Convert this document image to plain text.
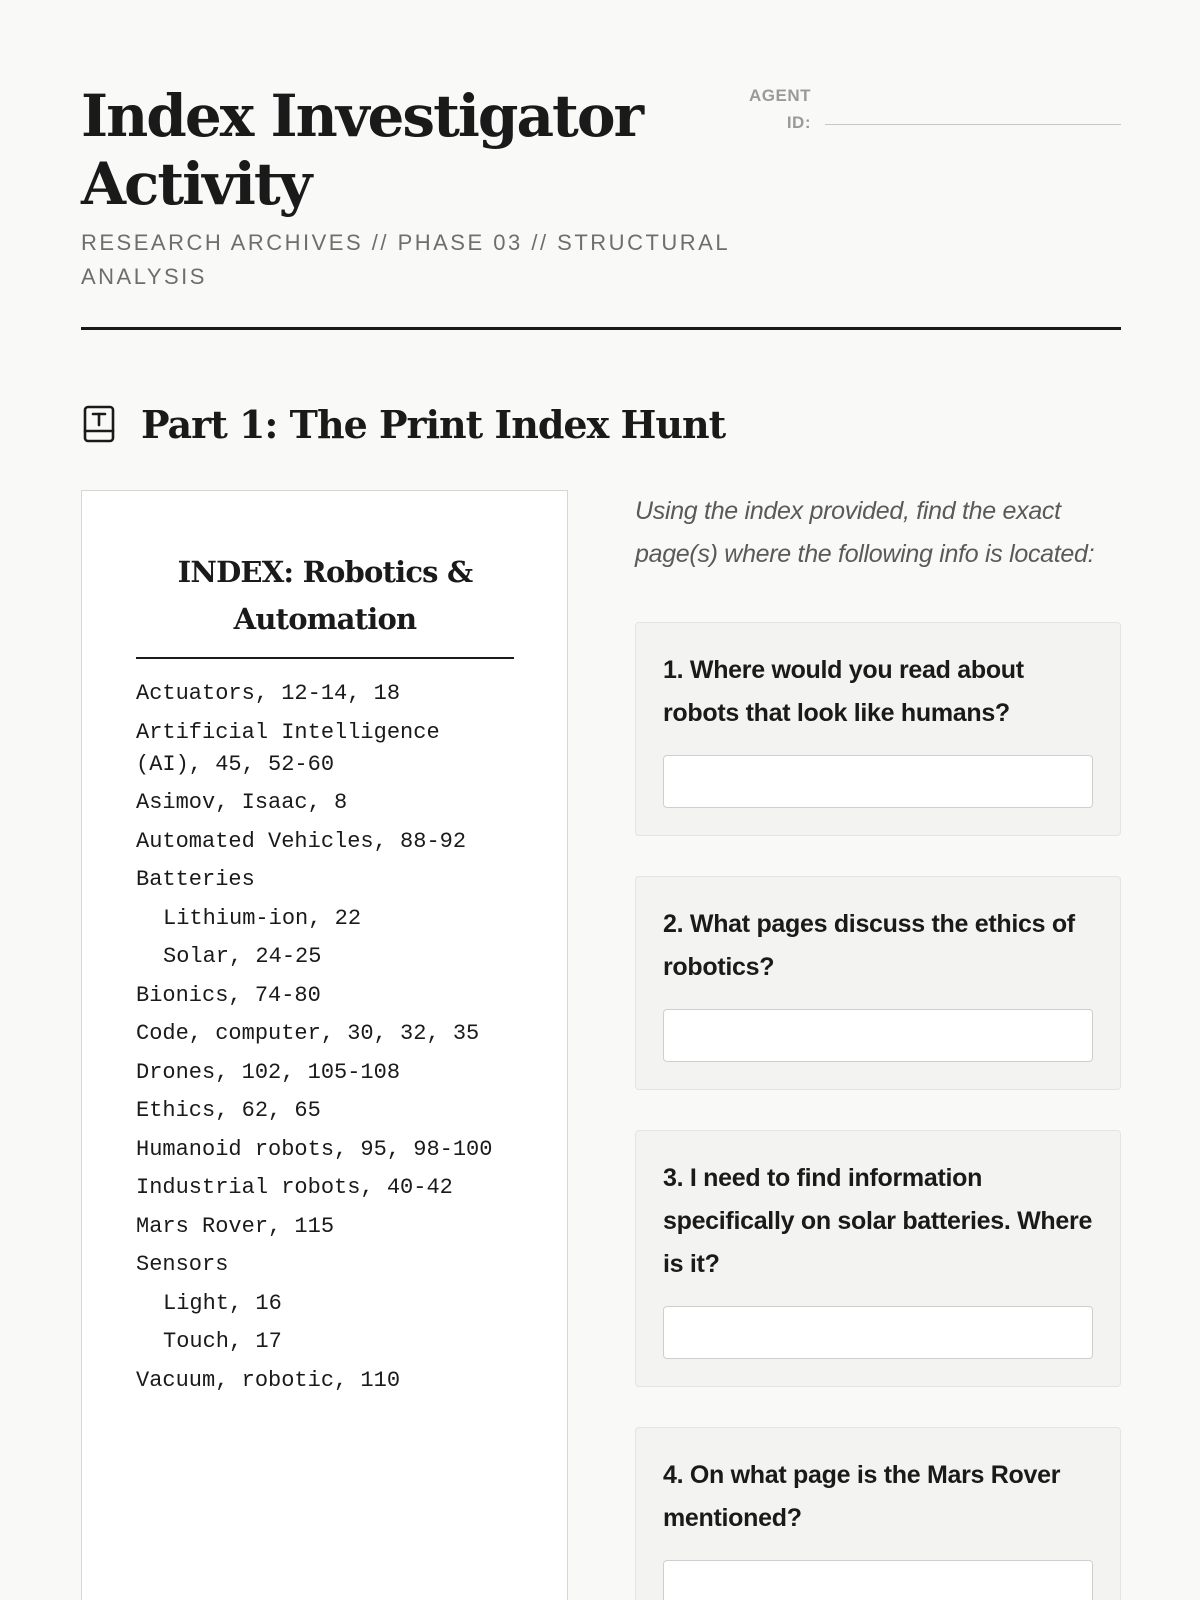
Index Investigator Activity
RESEARCH ARCHIVES // PHASE 03 // STRUCTURAL ANALYSIS
AGENT ID:
Part 1: The Print Index Hunt
INDEX: Robotics & Automation
Actuators, 12-14, 18
Artificial Intelligence (AI), 45, 52-60
Asimov, Isaac, 8
Automated Vehicles, 88-92
Batteries
Lithium-ion, 22
Solar, 24-25
Bionics, 74-80
Code, computer, 30, 32, 35
Drones, 102, 105-108
Ethics, 62, 65
Humanoid robots, 95, 98-100
Industrial robots, 40-42
Mars Rover, 115
Sensors
Light, 16
Touch, 17
Vacuum, robotic, 110

Using the index provided, find the exact page(s) where the following info is located:

1. Where would you read about robots that look like humans?
2. What pages discuss the ethics of robotics?
3. I need to find information specifically on solar batteries. Where is it?
4. On what page is the Mars Rover mentioned?
